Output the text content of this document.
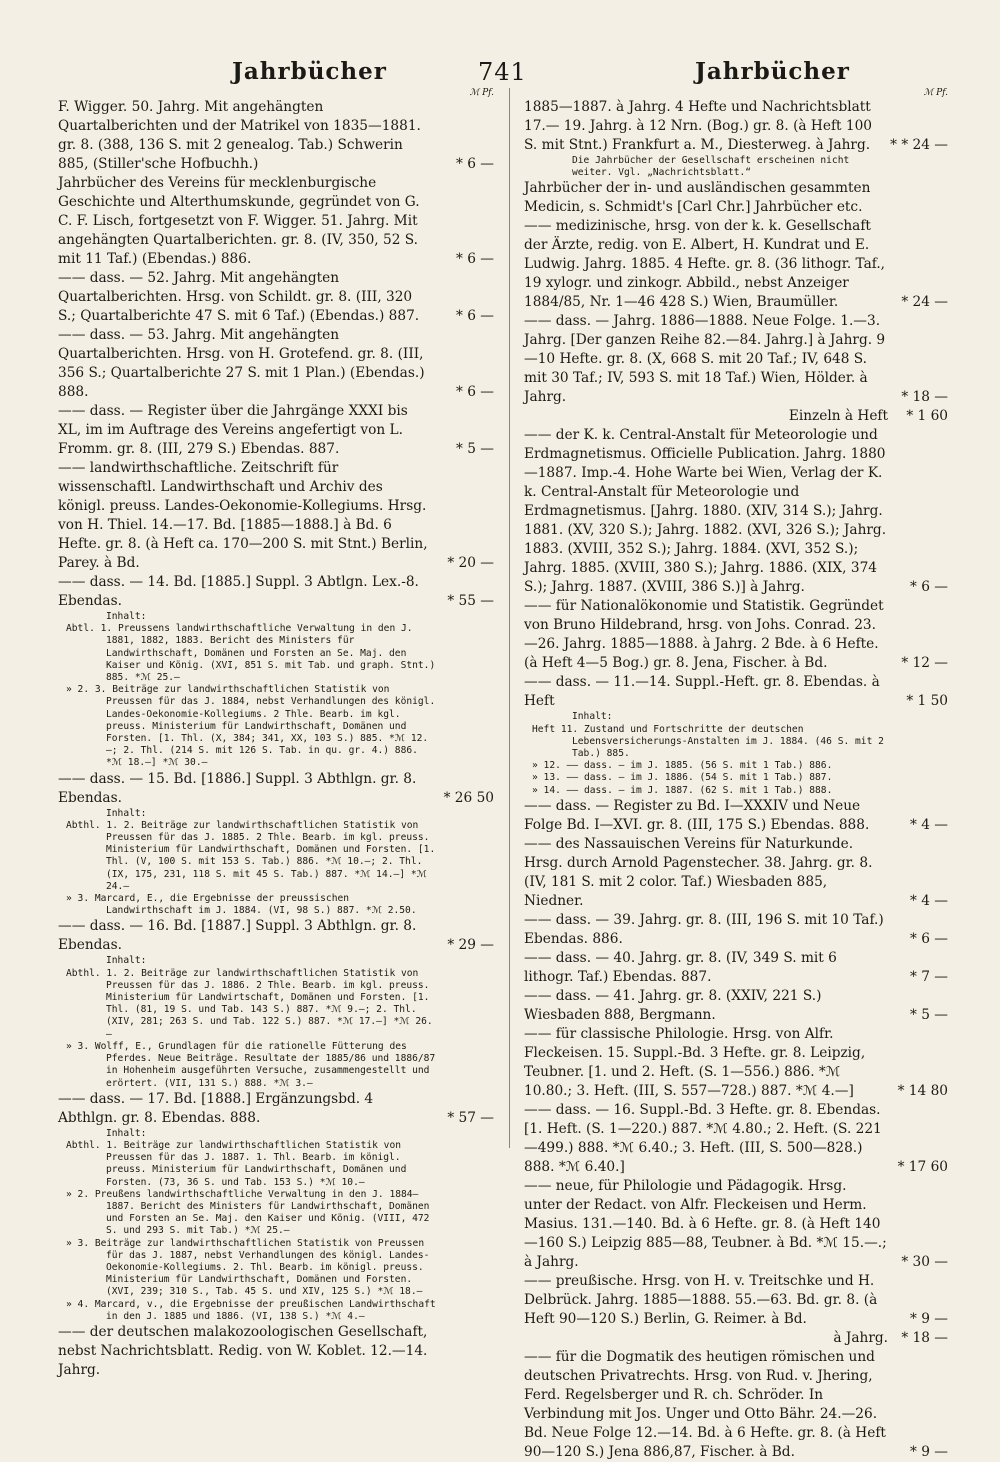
Jahrbücher	741	Jahrbücher
ℳ Pf.
F. Wigger. 50. Jahrg. Mit angehängten Quartalberichten und der Matrikel von 1835—1881. gr. 8. (388, 136 S. mit 2 genealog. Tab.) Schwerin 885, (Stiller'sche Hofbuchh.)	* 6 —
Jahrbücher des Vereins für mecklenburgische Geschichte und Alterthumskunde, gegründet von G. C. F. Lisch, fortgesetzt von F. Wigger. 51. Jahrg. Mit angehängten Quartalberichten. gr. 8. (IV, 350, 52 S. mit 11 Taf.) (Ebendas.) 886.	* 6 —
—— dass. — 52. Jahrg. Mit angehängten Quartalberichten. Hrsg. von Schildt. gr. 8. (III, 320 S.; Quartalberichte 47 S. mit 6 Taf.) (Ebendas.) 887.	* 6 —
—— dass. — 53. Jahrg. Mit angehängten Quartalberichten. Hrsg. von H. Grotefend. gr. 8. (III, 356 S.; Quartalberichte 27 S. mit 1 Plan.) (Ebendas.) 888.	* 6 —
—— dass. — Register über die Jahrgänge XXXI bis XL, im im Auftrage des Vereins angefertigt von L. Fromm. gr. 8. (III, 279 S.) Ebendas. 887.	* 5 —
—— landwirthschaftliche. Zeitschrift für wissenschaftl. Landwirthschaft und Archiv des königl. preuss. Landes-Oekonomie-Kollegiums. Hrsg. von H. Thiel. 14.—17. Bd. [1885—1888.] à Bd. 6 Hefte. gr. 8. (à Heft ca. 170—200 S. mit Stnt.) Berlin, Parey. à Bd.	* 20 —
—— dass. — 14. Bd. [1885.] Suppl. 3 Abtlgn. Lex.-8. Ebendas.	* 55 —
Inhalt:
Abtl. 1. Preussens landwirthschaftliche Verwaltung in den J. 1881, 1882, 1883. Bericht des Ministers für Landwirthschaft, Domänen und Forsten an Se. Maj. den Kaiser und König. (XVI, 851 S. mit Tab. und graph. Stnt.) 885. *ℳ 25.—
» 2. 3. Beiträge zur landwirthschaftlichen Statistik von Preussen für das J. 1884, nebst Verhandlungen des königl. Landes-Oekonomie-Kollegiums. 2 Thle. Bearb. im kgl. preuss. Ministerium für Landwirthschaft, Domänen und Forsten. [1. Thl. (X, 384; 341, XX, 103 S.) 885. *ℳ 12.—; 2. Thl. (214 S. mit 126 S. Tab. in qu. gr. 4.) 886. *ℳ 18.—] *ℳ 30.—
—— dass. — 15. Bd. [1886.] Suppl. 3 Abthlgn. gr. 8. Ebendas.	* 26 50
Inhalt:
Abthl. 1. 2. Beiträge zur landwirthschaftlichen Statistik von Preussen für das J. 1885. 2 Thle. Bearb. im kgl. preuss. Ministerium für Landwirthschaft, Domänen und Forsten. [1. Thl. (V, 100 S. mit 153 S. Tab.) 886. *ℳ 10.—; 2. Thl. (IX, 175, 231, 118 S. mit 45 S. Tab.) 887. *ℳ 14.—] *ℳ 24.—
» 3. Marcard, E., die Ergebnisse der preussischen Landwirthschaft im J. 1884. (VI, 98 S.) 887. *ℳ 2.50.
—— dass. — 16. Bd. [1887.] Suppl. 3 Abthlgn. gr. 8. Ebendas.	* 29 —
Inhalt:
Abthl. 1. 2. Beiträge zur landwirthschaftlichen Statistik von Preussen für das J. 1886. 2 Thle. Bearb. im kgl. preuss. Ministerium für Landwirtschaft, Domänen und Forsten. [1. Thl. (81, 19 S. und Tab. 143 S.) 887. *ℳ 9.—; 2. Thl. (XIV, 281; 263 S. und Tab. 122 S.) 887. *ℳ 17.—] *ℳ 26.—
» 3. Wolff, E., Grundlagen für die rationelle Fütterung des Pferdes. Neue Beiträge. Resultate der 1885/86 und 1886/87 in Hohenheim ausgeführten Versuche, zusammengestellt und erörtert. (VII, 131 S.) 888. *ℳ 3.—
—— dass. — 17. Bd. [1888.] Ergänzungsbd. 4 Abthlgn. gr. 8. Ebendas. 888.	* 57 —
Inhalt:
Abthl. 1. Beiträge zur landwirthschaftlichen Statistik von Preussen für das J. 1887. 1. Thl. Bearb. im königl. preuss. Ministerium für Landwirthschaft, Domänen und Forsten. (73, 36 S. und Tab. 153 S.) *ℳ 10.—
» 2. Preußens landwirthschaftliche Verwaltung in den J. 1884—1887. Bericht des Ministers für Landwirthschaft, Domänen und Forsten an Se. Maj. den Kaiser und König. (VIII, 472 S. und 293 S. mit Tab.) *ℳ 25.—
» 3. Beiträge zur landwirthschaftlichen Statistik von Preussen für das J. 1887, nebst Verhandlungen des königl. Landes-Oekonomie-Kollegiums. 2. Thl. Bearb. im königl. preuss. Ministerium für Landwirthschaft, Domänen und Forsten. (XVI, 239; 310 S., Tab. 45 S. und XIV, 125 S.) *ℳ 18.—
» 4. Marcard, v., die Ergebnisse der preußischen Landwirthschaft in den J. 1885 und 1886. (VI, 138 S.) *ℳ 4.—
—— der deutschen malakozoologischen Gesellschaft, nebst Nachrichtsblatt. Redig. von W. Koblet. 12.—14. Jahrg.
ℳ Pf.
1885—1887. à Jahrg. 4 Hefte und Nachrichtsblatt 17.— 19. Jahrg. à 12 Nrn. (Bog.) gr. 8. (à Heft 100 S. mit Stnt.) Frankfurt a. M., Diesterweg. à Jahrg. * * 24 —
Die Jahrbücher der Gesellschaft erscheinen nicht weiter. Vgl. „Nachrichtsblatt.“
Jahrbücher der in- und ausländischen gesammten Medicin, s. Schmidt's [Carl Chr.] Jahrbücher etc.
—— medizinische, hrsg. von der k. k. Gesellschaft der Ärzte, redig. von E. Albert, H. Kundrat und E. Ludwig. Jahrg. 1885. 4 Hefte. gr. 8. (36 lithogr. Taf., 19 xylogr. und zinkogr. Abbild., nebst Anzeiger 1884/85, Nr. 1—46 428 S.) Wien, Braumüller.	* 24 —
—— dass. — Jahrg. 1886—1888. Neue Folge. 1.—3. Jahrg. [Der ganzen Reihe 82.—84. Jahrg.] à Jahrg. 9—10 Hefte. gr. 8. (X, 668 S. mit 20 Taf.; IV, 648 S. mit 30 Taf.; IV, 593 S. mit 18 Taf.) Wien, Hölder. à Jahrg.	* 18 —
Einzeln à Heft	* 1 60
—— der K. k. Central-Anstalt für Meteorologie und Erdmagnetismus. Officielle Publication. Jahrg. 1880—1887. Imp.-4. Hohe Warte bei Wien, Verlag der K. k. Central-Anstalt für Meteorologie und Erdmagnetismus. [Jahrg. 1880. (XIV, 314 S.); Jahrg. 1881. (XV, 320 S.); Jahrg. 1882. (XVI, 326 S.); Jahrg. 1883. (XVIII, 352 S.); Jahrg. 1884. (XVI, 352 S.); Jahrg. 1885. (XVIII, 380 S.); Jahrg. 1886. (XIX, 374 S.); Jahrg. 1887. (XVIII, 386 S.)] à Jahrg.	* 6 —
—— für Nationalökonomie und Statistik. Gegründet von Bruno Hildebrand, hrsg. von Johs. Conrad. 23.—26. Jahrg. 1885—1888. à Jahrg. 2 Bde. à 6 Hefte. (à Heft 4—5 Bog.) gr. 8. Jena, Fischer. à Bd.	* 12 —
—— dass. — 11.—14. Suppl.-Heft. gr. 8. Ebendas. à Heft	* 1 50
Inhalt:
Heft 11. Zustand und Fortschritte der deutschen Lebensversicherungs-Anstalten im J. 1884. (46 S. mit 2 Tab.) 885.
» 12. —— dass. — im J. 1885. (56 S. mit 1 Tab.) 886.
» 13. —— dass. — im J. 1886. (54 S. mit 1 Tab.) 887.
» 14. —— dass. — im J. 1887. (62 S. mit 1 Tab.) 888.
—— dass. — Register zu Bd. I—XXXIV und Neue Folge Bd. I—XVI. gr. 8. (III, 175 S.) Ebendas. 888.	* 4 —
—— des Nassauischen Vereins für Naturkunde. Hrsg. durch Arnold Pagenstecher. 38. Jahrg. gr. 8. (IV, 181 S. mit 2 color. Taf.) Wiesbaden 885, Niedner.	* 4 —
—— dass. — 39. Jahrg. gr. 8. (III, 196 S. mit 10 Taf.) Ebendas. 886.	* 6 —
—— dass. — 40. Jahrg. gr. 8. (IV, 349 S. mit 6 lithogr. Taf.) Ebendas. 887.	* 7 —
—— dass. — 41. Jahrg. gr. 8. (XXIV, 221 S.) Wiesbaden 888, Bergmann.	* 5 —
—— für classische Philologie. Hrsg. von Alfr. Fleckeisen. 15. Suppl.-Bd. 3 Hefte. gr. 8. Leipzig, Teubner. [1. und 2. Heft. (S. 1—556.) 886. *ℳ 10.80.; 3. Heft. (III, S. 557—728.) 887. *ℳ 4.—]	* 14 80
—— dass. — 16. Suppl.-Bd. 3 Hefte. gr. 8. Ebendas. [1. Heft. (S. 1—220.) 887. *ℳ 4.80.; 2. Heft. (S. 221—499.) 888. *ℳ 6.40.; 3. Heft. (III, S. 500—828.) 888. *ℳ 6.40.]	* 17 60
—— neue, für Philologie und Pädagogik. Hrsg. unter der Redact. von Alfr. Fleckeisen und Herm. Masius. 131.—140. Bd. à 6 Hefte. gr. 8. (à Heft 140—160 S.) Leipzig 885—88, Teubner. à Bd. *ℳ 15.—.; à Jahrg.	* 30 —
—— preußische. Hrsg. von H. v. Treitschke und H. Delbrück. Jahrg. 1885—1888. 55.—63. Bd. gr. 8. (à Heft 90—120 S.) Berlin, G. Reimer. à Bd.	* 9 —
à Jahrg. * 18 —
—— für die Dogmatik des heutigen römischen und deutschen Privatrechts. Hrsg. von Rud. v. Jhering, Ferd. Regelsberger und R. ch. Schröder. In Verbindung mit Jos. Unger und Otto Bähr. 24.—26. Bd. Neue Folge 12.—14. Bd. à 6 Hefte. gr. 8. (à Heft 90—120 S.) Jena 886,87, Fischer. à Bd.	* 9 —
